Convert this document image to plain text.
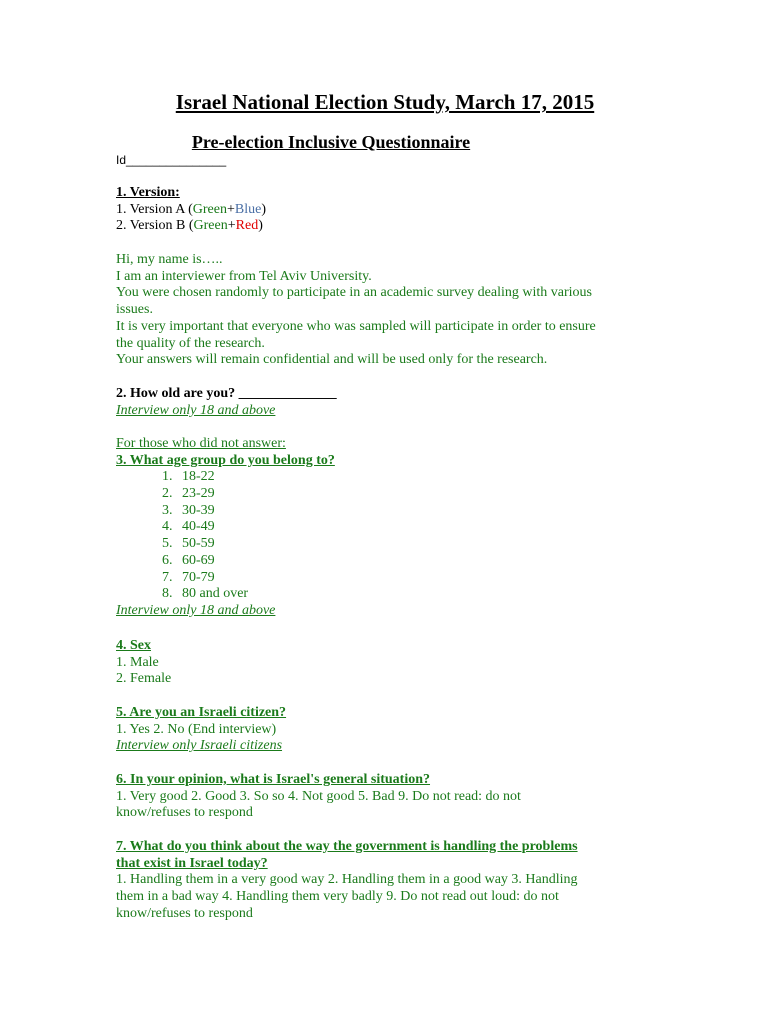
Israel National Election Study, March 17, 2015
Pre-election Inclusive Questionnaire
Id_______________
1. Version:
1. Version A (Green+Blue)
2. Version B (Green+Red)
Hi, my name is…..
I am an interviewer from Tel Aviv University.
You were chosen randomly to participate in an academic survey dealing with various
issues.
It is very important that everyone who was sampled will participate in order to ensure
the quality of the research.
Your answers will remain confidential and will be used only for the research.
2. How old are you? ______________
Interview only 18 and above
For those who did not answer:
3. What age group do you belong to?
1. 18-22
2. 23-29
3. 30-39
4. 40-49
5. 50-59
6. 60-69
7. 70-79
8. 80 and over
Interview only 18 and above
4. Sex
1. Male
2. Female
5. Are you an Israeli citizen?
1. Yes 2. No (End interview)
Interview only Israeli citizens
6. In your opinion, what is Israel's general situation?
1. Very good 2. Good 3. So so 4. Not good 5. Bad 9. Do not read: do not
know/refuses to respond
7. What do you think about the way the government is handling the problems
that exist in Israel today?
1. Handling them in a very good way 2. Handling them in a good way 3. Handling
them in a bad way 4. Handling them very badly 9. Do not read out loud: do not
know/refuses to respond
